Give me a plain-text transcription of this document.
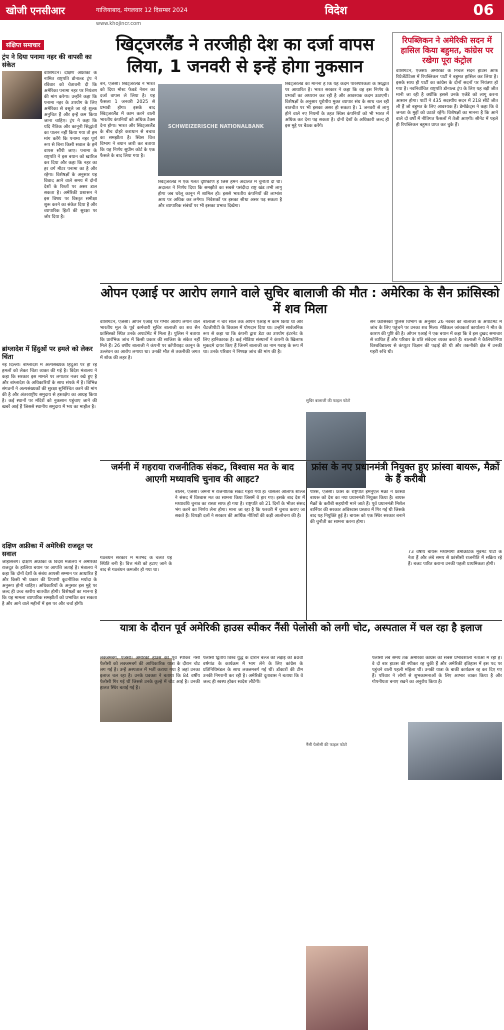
खोजी एनसीआर	गाजियाबाद, मंगलवार 12 दिसम्बर 2024	विदेश	06
www.khojincr.com
संक्षिप्त समाचार
ट्रंप ने दिया पनामा नहर की वापसी का संकेत
वाशिंगटन। दक्षिण अफ्रीका के नामित राष्ट्रपति डोनाल्ड ट्रंप ने रविवार को चेतावनी दी कि अमेरिका पनामा नहर पर नियंत्रण की मांग करेगा। उन्होंने कहा कि पनामा नहर के उपयोग के लिए अमेरिका से वसूले जा रहे शुल्क अनुचित हैं और इन्हें कम किया जाना चाहिए। ट्रंप ने कहा कि यदि नैतिक और कानूनी सिद्धांतों का पालन नहीं किया गया तो हम मांग करेंगे कि पनामा नहर पूर्ण रूप से बिना किसी सवाल के हमें वापस सौंपी जाए। पनामा के राष्ट्रपति ने इस बयान को खारिज कर दिया और कहा कि नहर का हर वर्ग मीटर पनामा का है और रहेगा। विशेषज्ञों के अनुसार यह विवाद आने वाले समय में दोनों देशों के रिश्तों पर असर डाल सकता है। अमेरिकी प्रशासन ने इस विषय पर विस्तृत समीक्षा शुरू करने का संकेत दिया है और व्यापारिक हितों की सुरक्षा पर जोर दिया है।
ब्रांग्लादेश में हिंदुओं पर हमले को लेकर चिंता
नई दिल्ली। बांग्लादेश में अल्पसंख्यक हिंदुओं पर हो रहे हमलों को लेकर चिंता व्यक्त की गई है। विदेश मंत्रालय ने कहा कि सरकार इस मामले पर लगातार नजर रखे हुए है और बांग्लादेश के अधिकारियों के साथ संपर्क में है। विभिन्न संगठनों ने अल्पसंख्यकों की सुरक्षा सुनिश्चित करने की मांग की है और अंतरराष्ट्रीय समुदाय से हस्तक्षेप का आग्रह किया है। कई स्थानों पर मंदिरों को नुकसान पहुंचाए जाने की खबरें आई हैं जिससे स्थानीय समुदाय में भय का माहौल है।
दक्षिण अफ्रीका में अमेरिकी राजदूत पर सवाल
जोहांसबर्ग। दक्षिण अफ्रीका के विदेश मंत्रालय ने अमेरिकी राजदूत के हालिया बयान पर आपत्ति जताई है। मंत्रालय ने कहा कि दोनों देशों के संबंध आपसी सम्मान पर आधारित हैं और किसी भी प्रकार की टिप्पणी कूटनीतिक मर्यादा के अनुरूप होनी चाहिए। अधिकारियों के अनुसार इस मुद्दे पर जल्द ही उच्च स्तरीय बातचीत होगी। विशेषज्ञों का मानना है कि यह मामला व्यापारिक समझौतों को प्रभावित कर सकता है और आने वाले महीनों में इस पर और चर्चा होगी।
खिट्जरलैंड ने तरजीही देश का दर्जा वापस लिया, 1 जनवरी से इन्हें होगा नुकसान
बर्न, एजेंसी। स्विट्जरलैंड ने भारत को दिया मोस्ट फेवर्ड नेशन का दर्जा वापस ले लिया है। यह फैसला 1 जनवरी 2025 से प्रभावी होगा। इसके बाद स्विट्जरलैंड में काम करने वाली भारतीय कंपनियों को अधिक टैक्स देना होगा। भारत और स्विट्जरलैंड के बीच दोहरे कराधान से बचाव का समझौता है। स्विस वित्त विभाग ने बयान जारी कर बताया कि यह निर्णय सुप्रीम कोर्ट के एक फैसले के बाद लिया गया है।
SCHWEIZERISCHE NATIONALBANK
स्विट्जरलैंड में एक गलत दृष्टिकोण है जिसे हमने अदालत में चुनौती दी थी। अदालत ने निर्णय दिया कि समझौते का सबसे पसंदीदा राष्ट्र खंड तभी लागू होगा जब घरेलू कानून में शामिल हो। इससे भारतीय कंपनियों की लाभांश आय पर अधिक कर लगेगा। निवेशकों पर इसका सीधा असर पड़ सकता है और व्यापारिक संबंधों पर भी इसका प्रभाव दिखेगा।
स्विट्जरलैंड का मानना है कि यह कदम पारस्परिकता के सिद्धांत पर आधारित है। भारत सरकार ने कहा कि वह इस निर्णय के प्रभावों का अध्ययन कर रही है और आवश्यक कदम उठाएगी। विशेषज्ञों के अनुसार यूरोपीय मुक्त व्यापार संघ के साथ चल रही बातचीत पर भी इसका असर हो सकता है। 1 जनवरी से लागू होने वाले नए नियमों के तहत स्विस कंपनियों को भी भारत में अधिक कर देना पड़ सकता है। दोनों देशों के अधिकारी जल्द ही इस मुद्दे पर बैठक करेंगे।
रिपब्लिकन ने अमेरिकी सदन में हासिल किया बहुमत, कांग्रेस पर रखेगा पूरा कंट्रोल
वाशिंगटन, एजेंसी। अमेरिका के निचले सदन हाउस ऑफ रिप्रेजेंटेटिव्स में रिपब्लिकन पार्टी ने बहुमत हासिल कर लिया है। इसके साथ ही पार्टी का कांग्रेस के दोनों सदनों पर नियंत्रण हो गया है। नवनिर्वाचित राष्ट्रपति डोनाल्ड ट्रंप के लिए यह बड़ी जीत मानी जा रही है क्योंकि इससे उनके एजेंडे को लागू करना आसान होगा। पार्टी ने 435 सदस्यीय सदन में 218 सीटें जीत ली हैं जो बहुमत के लिए आवश्यक हैं। डेमोक्रेट्स ने कहा कि वे जनता के मुद्दों को उठाते रहेंगे। विशेषज्ञों का मानना है कि आने वाले दो वर्षों में नीतिगत फैसलों में तेजी आएगी। सीनेट में पहले ही रिपब्लिकन बहुमत प्राप्त कर चुके हैं।
ओपन एआई पर आरोप लगाने वाले सुचिर बालाजी की मौत : अमेरिका के सैन फ्रांसिस्को में शव मिला
वाशिंगटन, एजेंसी। ओपन एआई पर गंभीर आरोप लगाने वाले भारतीय मूल के पूर्व कर्मचारी सुचिर बालाजी का शव सैन फ्रांसिस्को स्थित उनके अपार्टमेंट में मिला है। पुलिस ने बताया कि प्रारंभिक जांच में किसी प्रकार की साजिश के संकेत नहीं मिले हैं। 26 वर्षीय बालाजी ने कंपनी पर कॉपीराइट कानून के उल्लंघन का आरोप लगाया था। उनकी मौत से तकनीकी जगत में शोक की लहर है।
बालाजी ने चार साल तक ओपन एआई में काम किया था और चैटजीपीटी के विकास में योगदान दिया था। उन्होंने सार्वजनिक रूप से कहा था कि कंपनी द्वारा डेटा का उपयोग इंटरनेट के लिए हानिकारक है। कई मीडिया संस्थानों ने कंपनी के खिलाफ मुकदमे दायर किए हैं जिनमें बालाजी का नाम गवाह के रूप में था। उनके परिवार ने निष्पक्ष जांच की मांग की है।
सुचिर बालाजी की फाइल फोटो
सैन फ्रांसिस्को पुलिस विभाग के अनुसार 26 नवंबर को बालाजी के अपार्टमेंट में जांच के लिए पहुंचने पर उनका शव मिला। मेडिकल जांचकर्ता कार्यालय ने मौत के कारण की पुष्टि की है। ओपन एआई ने एक बयान में कहा कि वे इस दुखद समाचार से व्यथित हैं और परिवार के प्रति संवेदना व्यक्त करते हैं। बालाजी ने कैलिफोर्निया विश्वविद्यालय से कंप्यूटर विज्ञान की पढ़ाई की थी और तकनीकी क्षेत्र में उनकी गहरी रुचि थी।
जर्मनी में गहराया राजनीतिक संकट, विश्वास मत के बाद आएगी मध्यावधि चुनाव की आहट?
बर्लिन, एजेंसी। जर्मनी में राजनीतिक संकट गहरा गया है। चांसलर ओलाफ शोल्ज ने संसद में विश्वास मत का सामना किया जिसमें वे हार गए। इसके बाद देश में मध्यावधि चुनाव का रास्ता साफ हो गया है। राष्ट्रपति को 21 दिनों के भीतर संसद भंग करने का निर्णय लेना होगा। माना जा रहा है कि फरवरी में चुनाव कराए जा सकते हैं। विपक्षी दलों ने सरकार की आर्थिक नीतियों की कड़ी आलोचना की है।
गठबंधन सरकार में मतभेद के चलते यह स्थिति बनी है। वित्त मंत्री को हटाए जाने के बाद से गठबंधन कमजोर हो गया था।
फ्रांस के नए प्रधानमंत्री नियुक्त हुए फ्रांस्वा बायरू, मैक्रों के हैं करीबी
पेरिस, एजेंसी। फ्रांस के राष्ट्रपति इमैनुएल मैक्रों ने फ्रांस्वा बायरू को देश का नया प्रधानमंत्री नियुक्त किया है। बायरू मैक्रों के करीबी सहयोगी माने जाते हैं। पूर्व प्रधानमंत्री मिशेल बार्नियर की सरकार अविश्वास प्रस्ताव में गिर गई थी जिसके बाद यह नियुक्ति हुई है। बायरू को एक स्थिर सरकार बनाने की चुनौती का सामना करना होगा।
73 वर्षीय बायरू मध्यमार्गी डेमोक्रेटिक मूवमेंट पार्टी के नेता हैं और लंबे समय से फ्रांसीसी राजनीति में सक्रिय रहे हैं। बजट पारित कराना उनकी पहली प्राथमिकता होगी।
यात्रा के दौरान पूर्व अमेरिकी हाउस स्पीकर नैंसी पेलोसी को लगी चोट, अस्पताल में चल रहा है इलाज
लक्जमबर्ग, एजेंसी। अमेरिकी हाउस की पूर्व स्पीकर नैंसी पेलोसी को लक्जमबर्ग की आधिकारिक यात्रा के दौरान चोट लग गई है। उन्हें अस्पताल में भर्ती कराया गया है जहां उनका इलाज चल रहा है। उनके प्रवक्ता ने बताया कि 84 वर्षीय पेलोसी गिर गई थीं जिससे उनके कूल्हे में चोट आई है। उनकी हालत स्थिर बताई गई है।
पेलोसी द्वितीय विश्व युद्ध के दौरान बल्ज की लड़ाई की 80वीं वर्षगांठ के कार्यक्रम में भाग लेने के लिए कांग्रेस के प्रतिनिधिमंडल के साथ लक्जमबर्ग गई थीं। डॉक्टरों की टीम उनकी निगरानी कर रही है। अमेरिकी दूतावास ने बताया कि वे जल्द ही स्वस्थ होकर स्वदेश लौटेंगी।
नैंसी पेलोसी की फाइल फोटो
पेलोसी लंबे समय तक अमेरिकी कांग्रेस की सबसे प्रभावशाली नेताओं में रही हैं। वे दो बार हाउस की स्पीकर रह चुकी हैं और अमेरिकी इतिहास में इस पद पर पहुंचने वाली पहली महिला थीं। उनकी यात्रा के बाकी कार्यक्रम रद्द कर दिए गए हैं। परिवार ने लोगों से शुभकामनाओं के लिए आभार व्यक्त किया है और गोपनीयता बनाए रखने का अनुरोध किया है।
